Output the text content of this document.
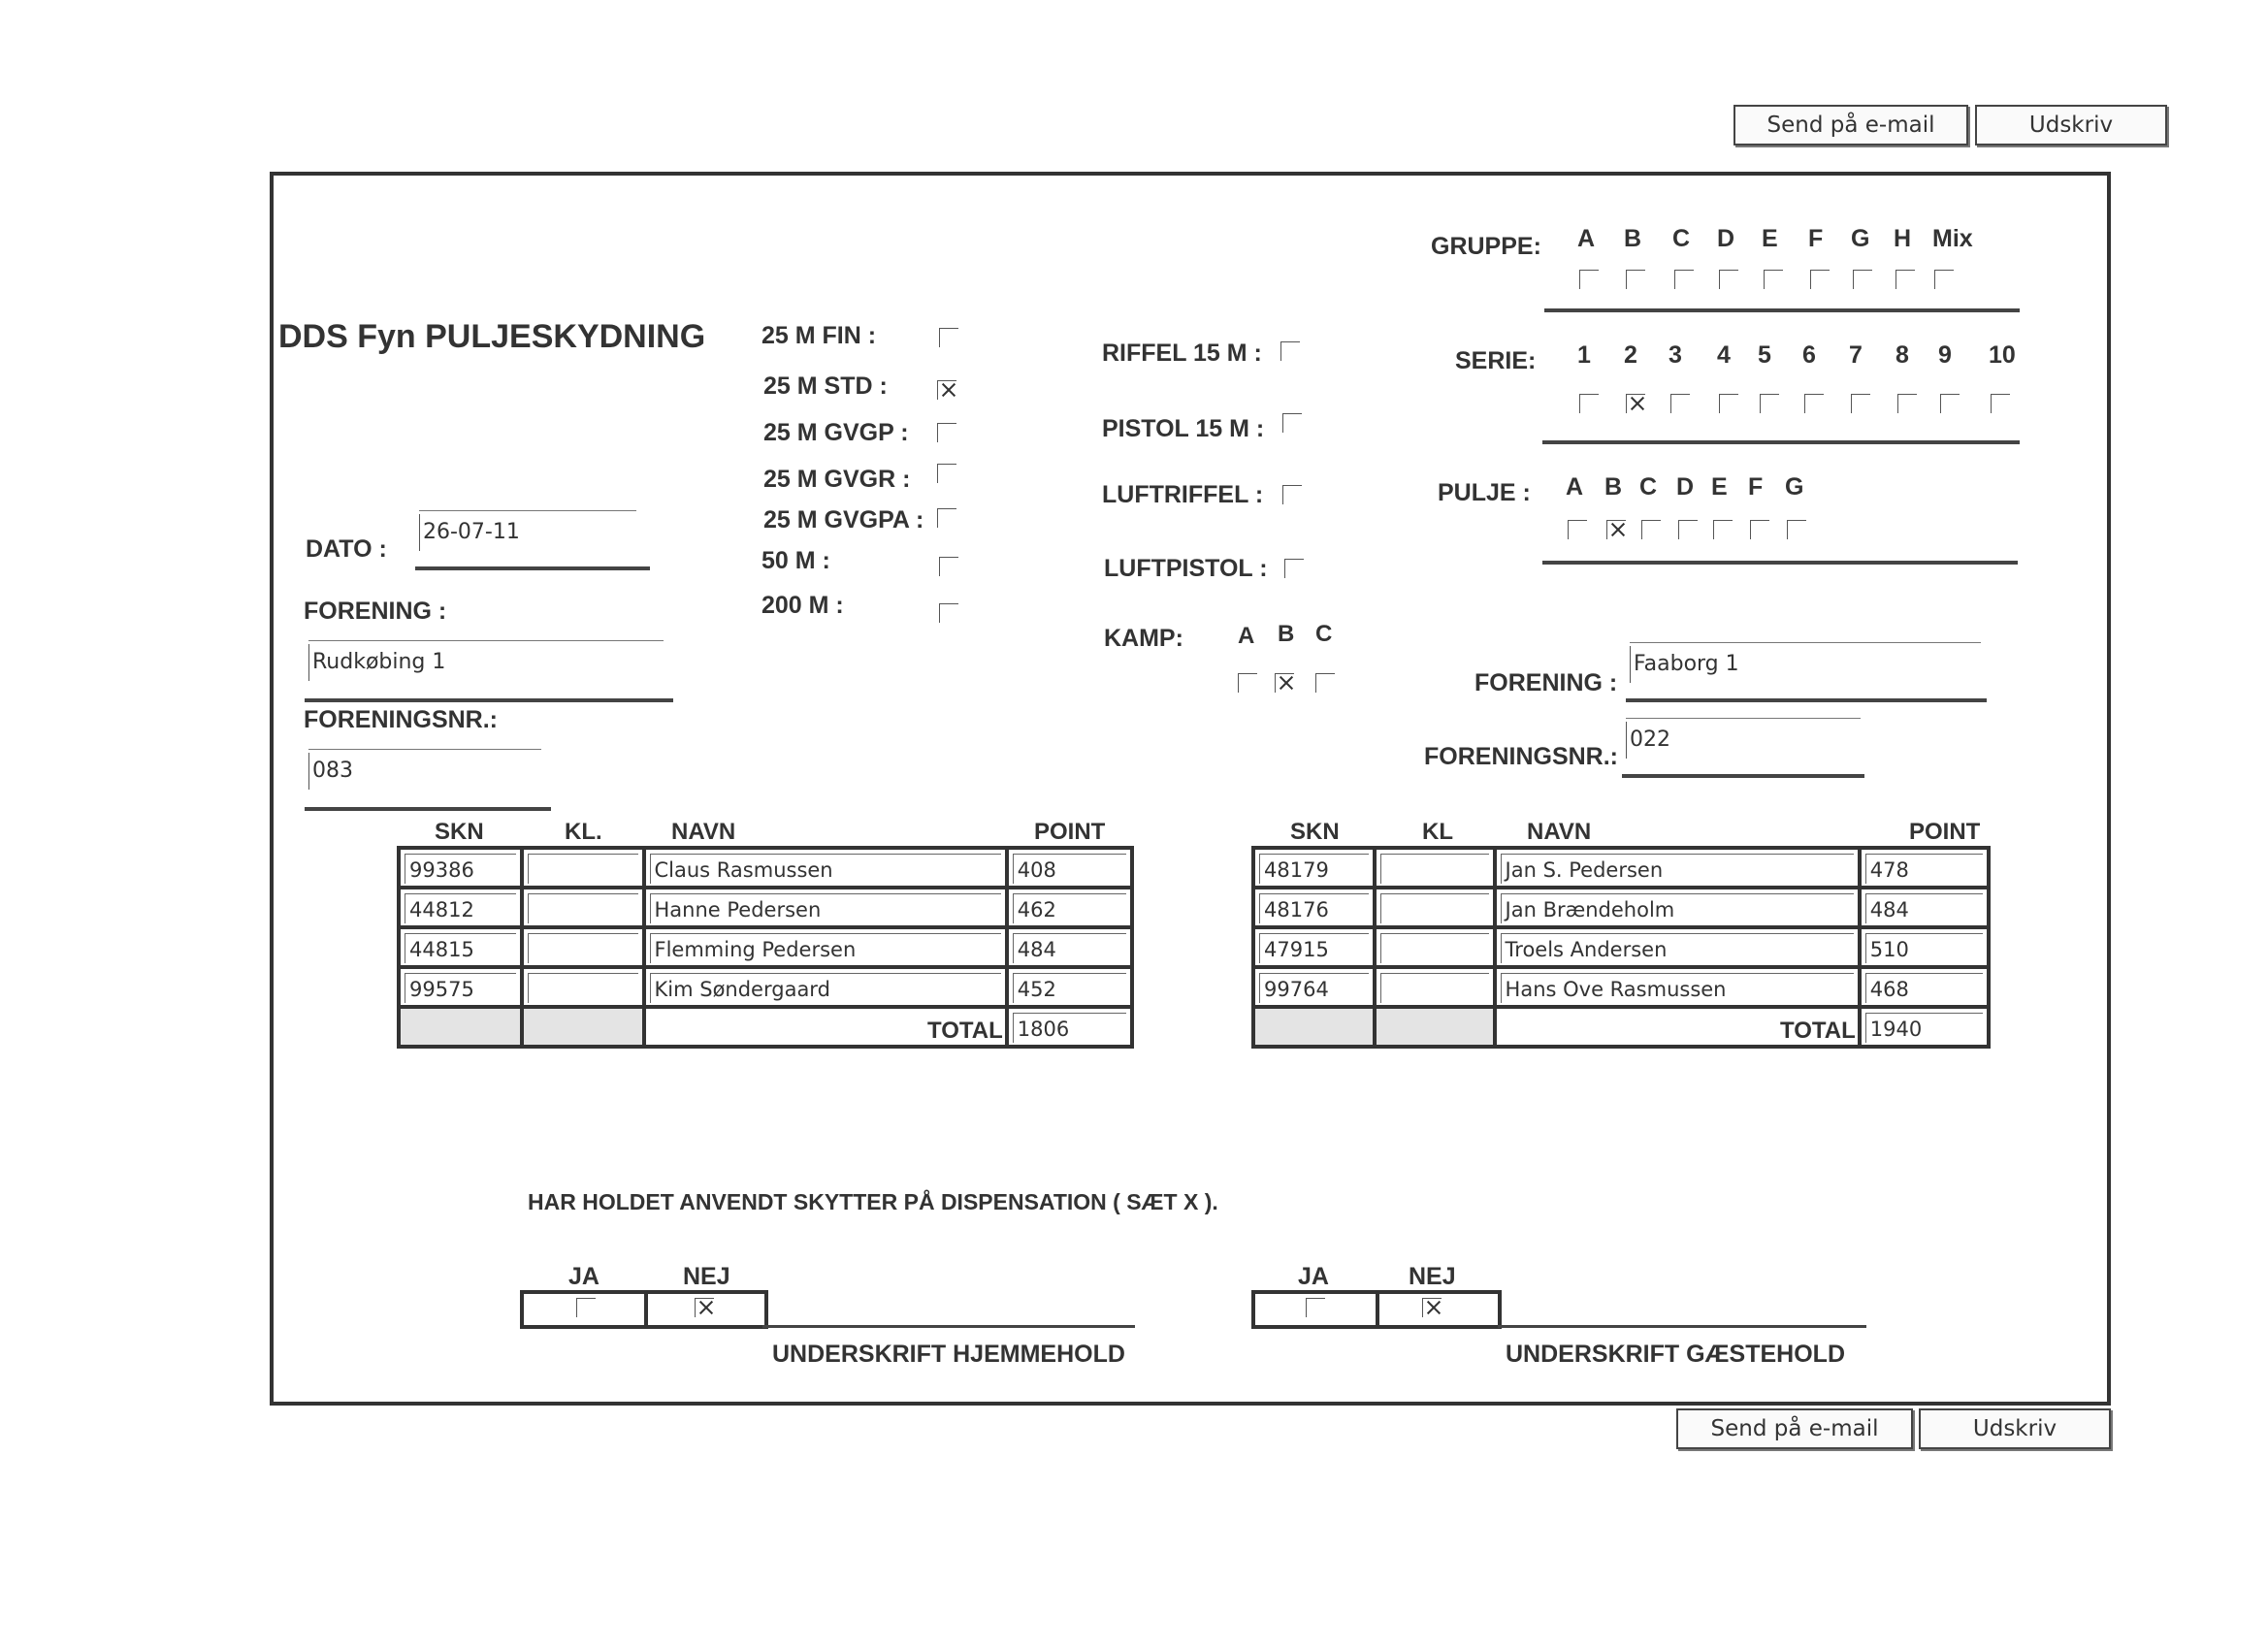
Send på e-mail	Udskriv
DDS Fyn PULJESKYDNING
DATO :
26-07-11
FORENING :
Rudkøbing 1
FORENINGSNR.:
083
25 M FIN :
25 M STD :
25 M GVGP :
25 M GVGR :
25 M GVGPA :
50 M :
200 M :
RIFFEL 15 M :
PISTOL 15 M :
LUFTRIFFEL :
LUFTPISTOL :
KAMP: A B C
GRUPPE: A B C D E F G H Mix
SERIE: 1 2 3 4 5 6 7 8 9 10
PULJE : A B C D E F G
FORENING :
Faaborg 1
FORENINGSNR.:
022
SKN	KL.	NAVN	POINT
99386		Claus Rasmussen	408

44812		Hanne Pedersen	462

44815		Flemming Pedersen	484

99575		Kim Søndergaard	452

		TOTAL	1806
SKN	KL	NAVN	POINT
48179		Jan S. Pedersen	478

48176		Jan Brændeholm	484

47915		Troels Andersen	510

99764		Hans Ove Rasmussen	468

		TOTAL	1940
HAR HOLDET ANVENDT SKYTTER PÅ DISPENSATION ( SÆT X ).
JA	NEJ
UNDERSKRIFT HJEMMEHOLD
JA	NEJ
UNDERSKRIFT GÆSTEHOLD
Send på e-mail	Udskriv
